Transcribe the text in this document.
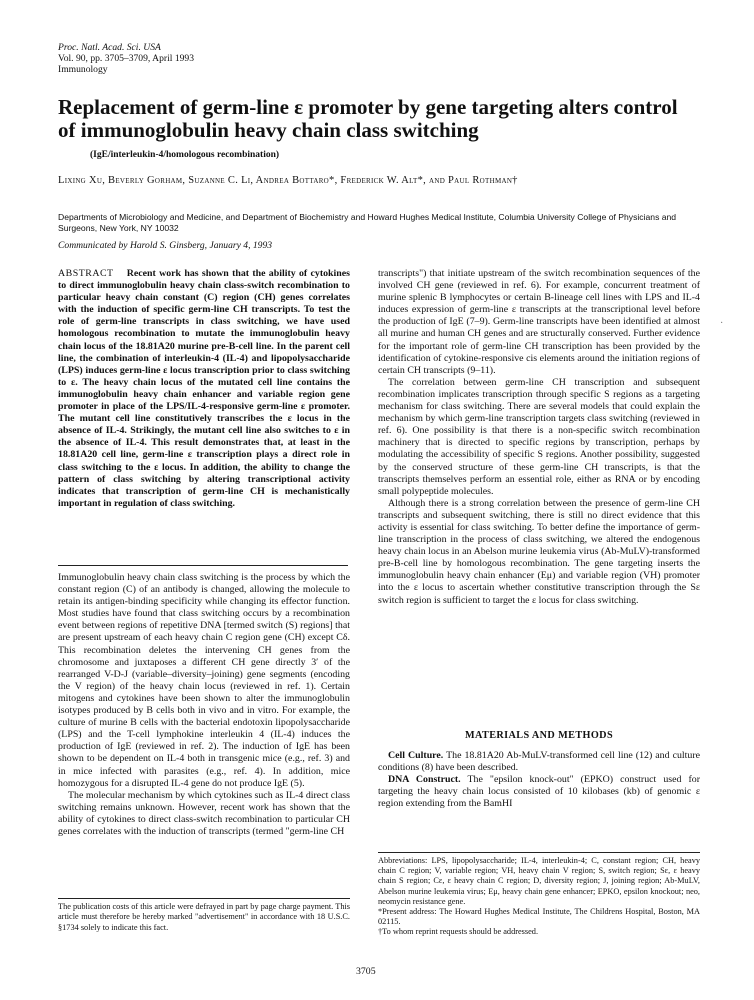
Proc. Natl. Acad. Sci. USA
Vol. 90, pp. 3705–3709, April 1993
Immunology
Replacement of germ-line ε promoter by gene targeting alters control of immunoglobulin heavy chain class switching
(IgE/interleukin-4/homologous recombination)
Lixing Xu, Beverly Gorham, Suzanne C. Li, Andrea Bottaro*, Frederick W. Alt*, and Paul Rothman†
Departments of Microbiology and Medicine, and Department of Biochemistry and Howard Hughes Medical Institute, Columbia University College of Physicians and Surgeons, New York, NY 10032
Communicated by Harold S. Ginsberg, January 4, 1993

ABSTRACT Recent work has shown that the ability of cytokines to direct immunoglobulin heavy chain class-switch recombination to particular heavy chain constant (C) region (CH) genes correlates with the induction of specific germ-line CH transcripts. To test the role of germ-line transcripts in class switching, we have used homologous recombination to mutate the immunoglobulin heavy chain locus of the 18.81A20 murine pre-B-cell line. In the parent cell line, the combination of interleukin-4 (IL-4) and lipopolysaccharide (LPS) induces germ-line ε locus transcription prior to class switching to ε. The heavy chain locus of the mutated cell line contains the immunoglobulin heavy chain enhancer and variable region gene promoter in place of the LPS/IL-4-responsive germ-line ε promoter. The mutant cell line constitutively transcribes the ε locus in the absence of IL-4. Strikingly, the mutant cell line also switches to ε in the absence of IL-4. This result demonstrates that, at least in the 18.81A20 cell line, germ-line ε transcription plays a direct role in class switching to the ε locus. In addition, the ability to change the pattern of class switching by altering transcriptional activity indicates that transcription of germ-line CH is mechanistically important in regulation of class switching.

Immunoglobulin heavy chain class switching is the process by which the constant region (C) of an antibody is changed, allowing the molecule to retain its antigen-binding specificity while changing its effector function. Most studies have found that class switching occurs by a recombination event between regions of repetitive DNA [termed switch (S) regions] that are present upstream of each heavy chain C region gene (CH) except Cδ. This recombination deletes the intervening CH genes from the chromosome and juxtaposes a different CH gene directly 3′ of the rearranged V-D-J (variable–diversity–joining) gene segments (encoding the V region) of the heavy chain locus (reviewed in ref. 1). Certain mitogens and cytokines have been shown to alter the immunoglobulin isotypes produced by B cells both in vivo and in vitro. For example, the culture of murine B cells with the bacterial endotoxin lipopolysaccharide (LPS) and the T-cell lymphokine interleukin 4 (IL-4) induces the production of IgE (reviewed in ref. 2). The induction of IgE has been shown to be dependent on IL-4 both in transgenic mice (e.g., ref. 3) and in mice infected with parasites (e.g., ref. 4). In addition, mice homozygous for a disrupted IL-4 gene do not produce IgE (5).

The molecular mechanism by which cytokines such as IL-4 direct class switching remains unknown. However, recent work has shown that the ability of cytokines to direct class-switch recombination to particular CH genes correlates with the induction of transcripts (termed "germ-line CH

The publication costs of this article were defrayed in part by page charge payment. This article must therefore be hereby marked "advertisement" in accordance with 18 U.S.C. §1734 solely to indicate this fact.

transcripts") that initiate upstream of the switch recombination sequences of the involved CH gene (reviewed in ref. 6). For example, concurrent treatment of murine splenic B lymphocytes or certain B-lineage cell lines with LPS and IL-4 induces expression of germ-line ε transcripts at the transcriptional level before the production of IgE (7–9). Germ-line transcripts have been identified at almost all murine and human CH genes and are structurally conserved. Further evidence for the important role of germ-line CH transcription has been provided by the identification of cytokine-responsive cis elements around the initiation regions of certain CH transcripts (9–11).

The correlation between germ-line CH transcription and subsequent recombination implicates transcription through specific S regions as a targeting mechanism for class switching. There are several models that could explain the mechanism by which germ-line transcription targets class switching (reviewed in ref. 6). One possibility is that there is a non-specific switch recombination machinery that is directed to specific regions by transcription, perhaps by modulating the accessibility of specific S regions. Another possibility, suggested by the conserved structure of these germ-line CH transcripts, is that the transcripts themselves perform an essential role, either as RNA or by encoding small polypeptide molecules.

Although there is a strong correlation between the presence of germ-line CH transcripts and subsequent switching, there is still no direct evidence that this activity is essential for class switching. To better define the importance of germ-line transcription in the process of class switching, we altered the endogenous heavy chain locus in an Abelson murine leukemia virus (Ab-MuLV)-transformed pre-B-cell line by homologous recombination. The gene targeting inserts the immunoglobulin heavy chain enhancer (Eμ) and variable region (VH) promoter into the ε locus to ascertain whether constitutive transcription through the Sε switch region is sufficient to target the ε locus for class switching.

MATERIALS AND METHODS

Cell Culture. The 18.81A20 Ab-MuLV-transformed cell line (12) and culture conditions (8) have been described.

DNA Construct. The "epsilon knock-out" (EPKO) construct used for targeting the heavy chain locus consisted of 10 kilobases (kb) of genomic ε region extending from the BamHI

Abbreviations: LPS, lipopolysaccharide; IL-4, interleukin-4; C, constant region; CH, heavy chain C region; V, variable region; VH, heavy chain V region; S, switch region; Sε, ε heavy chain S region; Cε, ε heavy chain C region; D, diversity region; J, joining region; Ab-MuLV, Abelson murine leukemia virus; Eμ, heavy chain gene enhancer; EPKO, epsilon knockout; neo, neomycin resistance gene.

*Present address: The Howard Hughes Medical Institute, The Childrens Hospital, Boston, MA 02115.

†To whom reprint requests should be addressed.

·
3705
